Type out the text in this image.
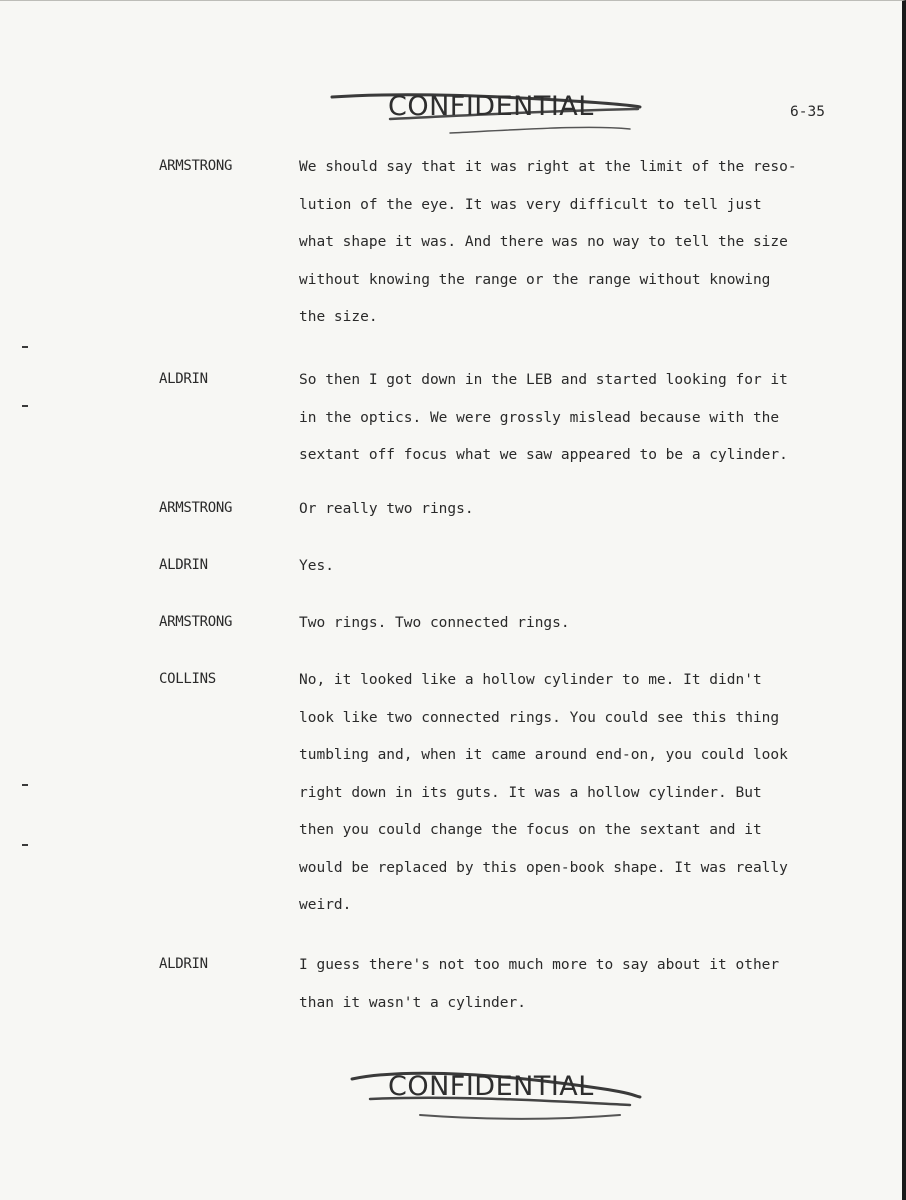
CONFIDENTIAL	6-35
ARMSTRONG	We should say that it was right at the limit of the reso-
lution of the eye. It was very difficult to tell just
what shape it was. And there was no way to tell the size
without knowing the range or the range without knowing
the size.
ALDRIN	So then I got down in the LEB and started looking for it
in the optics. We were grossly mislead because with the
sextant off focus what we saw appeared to be a cylinder.
ARMSTRONG	Or really two rings.
ALDRIN	Yes.
ARMSTRONG	Two rings. Two connected rings.
COLLINS	No, it looked like a hollow cylinder to me. It didn't
look like two connected rings. You could see this thing
tumbling and, when it came around end-on, you could look
right down in its guts. It was a hollow cylinder. But
then you could change the focus on the sextant and it
would be replaced by this open-book shape. It was really
weird.
ALDRIN	I guess there's not too much more to say about it other
than it wasn't a cylinder.
CONFIDENTIAL
